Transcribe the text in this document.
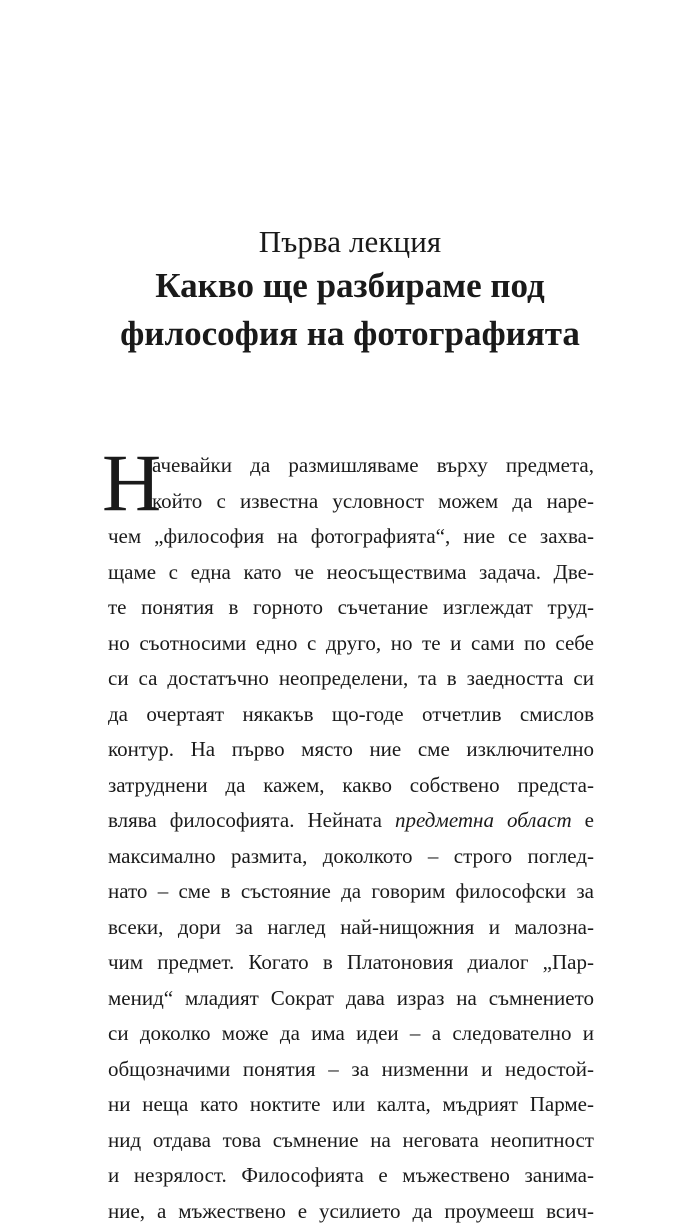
Първа лекция
Какво ще разбираме под
философия на фотографията
Н
ачевайки да размишляваме върху предмета,
който с известна условност можем да наре-
чем „философия на фотографията“, ние се захва-
щаме с една като че неосъществима задача. Две-
те понятия в горното съчетание изглеждат труд-
но съотносими едно с друго, но те и сами по себе
си са достатъчно неопределени, та в заедността си
да очертаят някакъв що-годе отчетлив смислов
контур. На първо място ние сме изключително
затруднени да кажем, какво собствено предста-
влява философията. Нейната предметна област е
максимално размита, доколкото – строго поглед-
нато – сме в състояние да говорим философски за
всеки, дори за наглед най-нищожния и малозна-
чим предмет. Когато в Платоновия диалог „Пар-
менид“ младият Сократ дава израз на съмнението
си доколко може да има идеи – а следователно и
общозначими понятия – за низменни и недостой-
ни неща като ноктите или калта, мъдрият Парме-
нид отдава това съмнение на неговата неопитност
и незрялост. Философията е мъжествено занима-
ние, а мъжествено е усилието да проумееш всич-
